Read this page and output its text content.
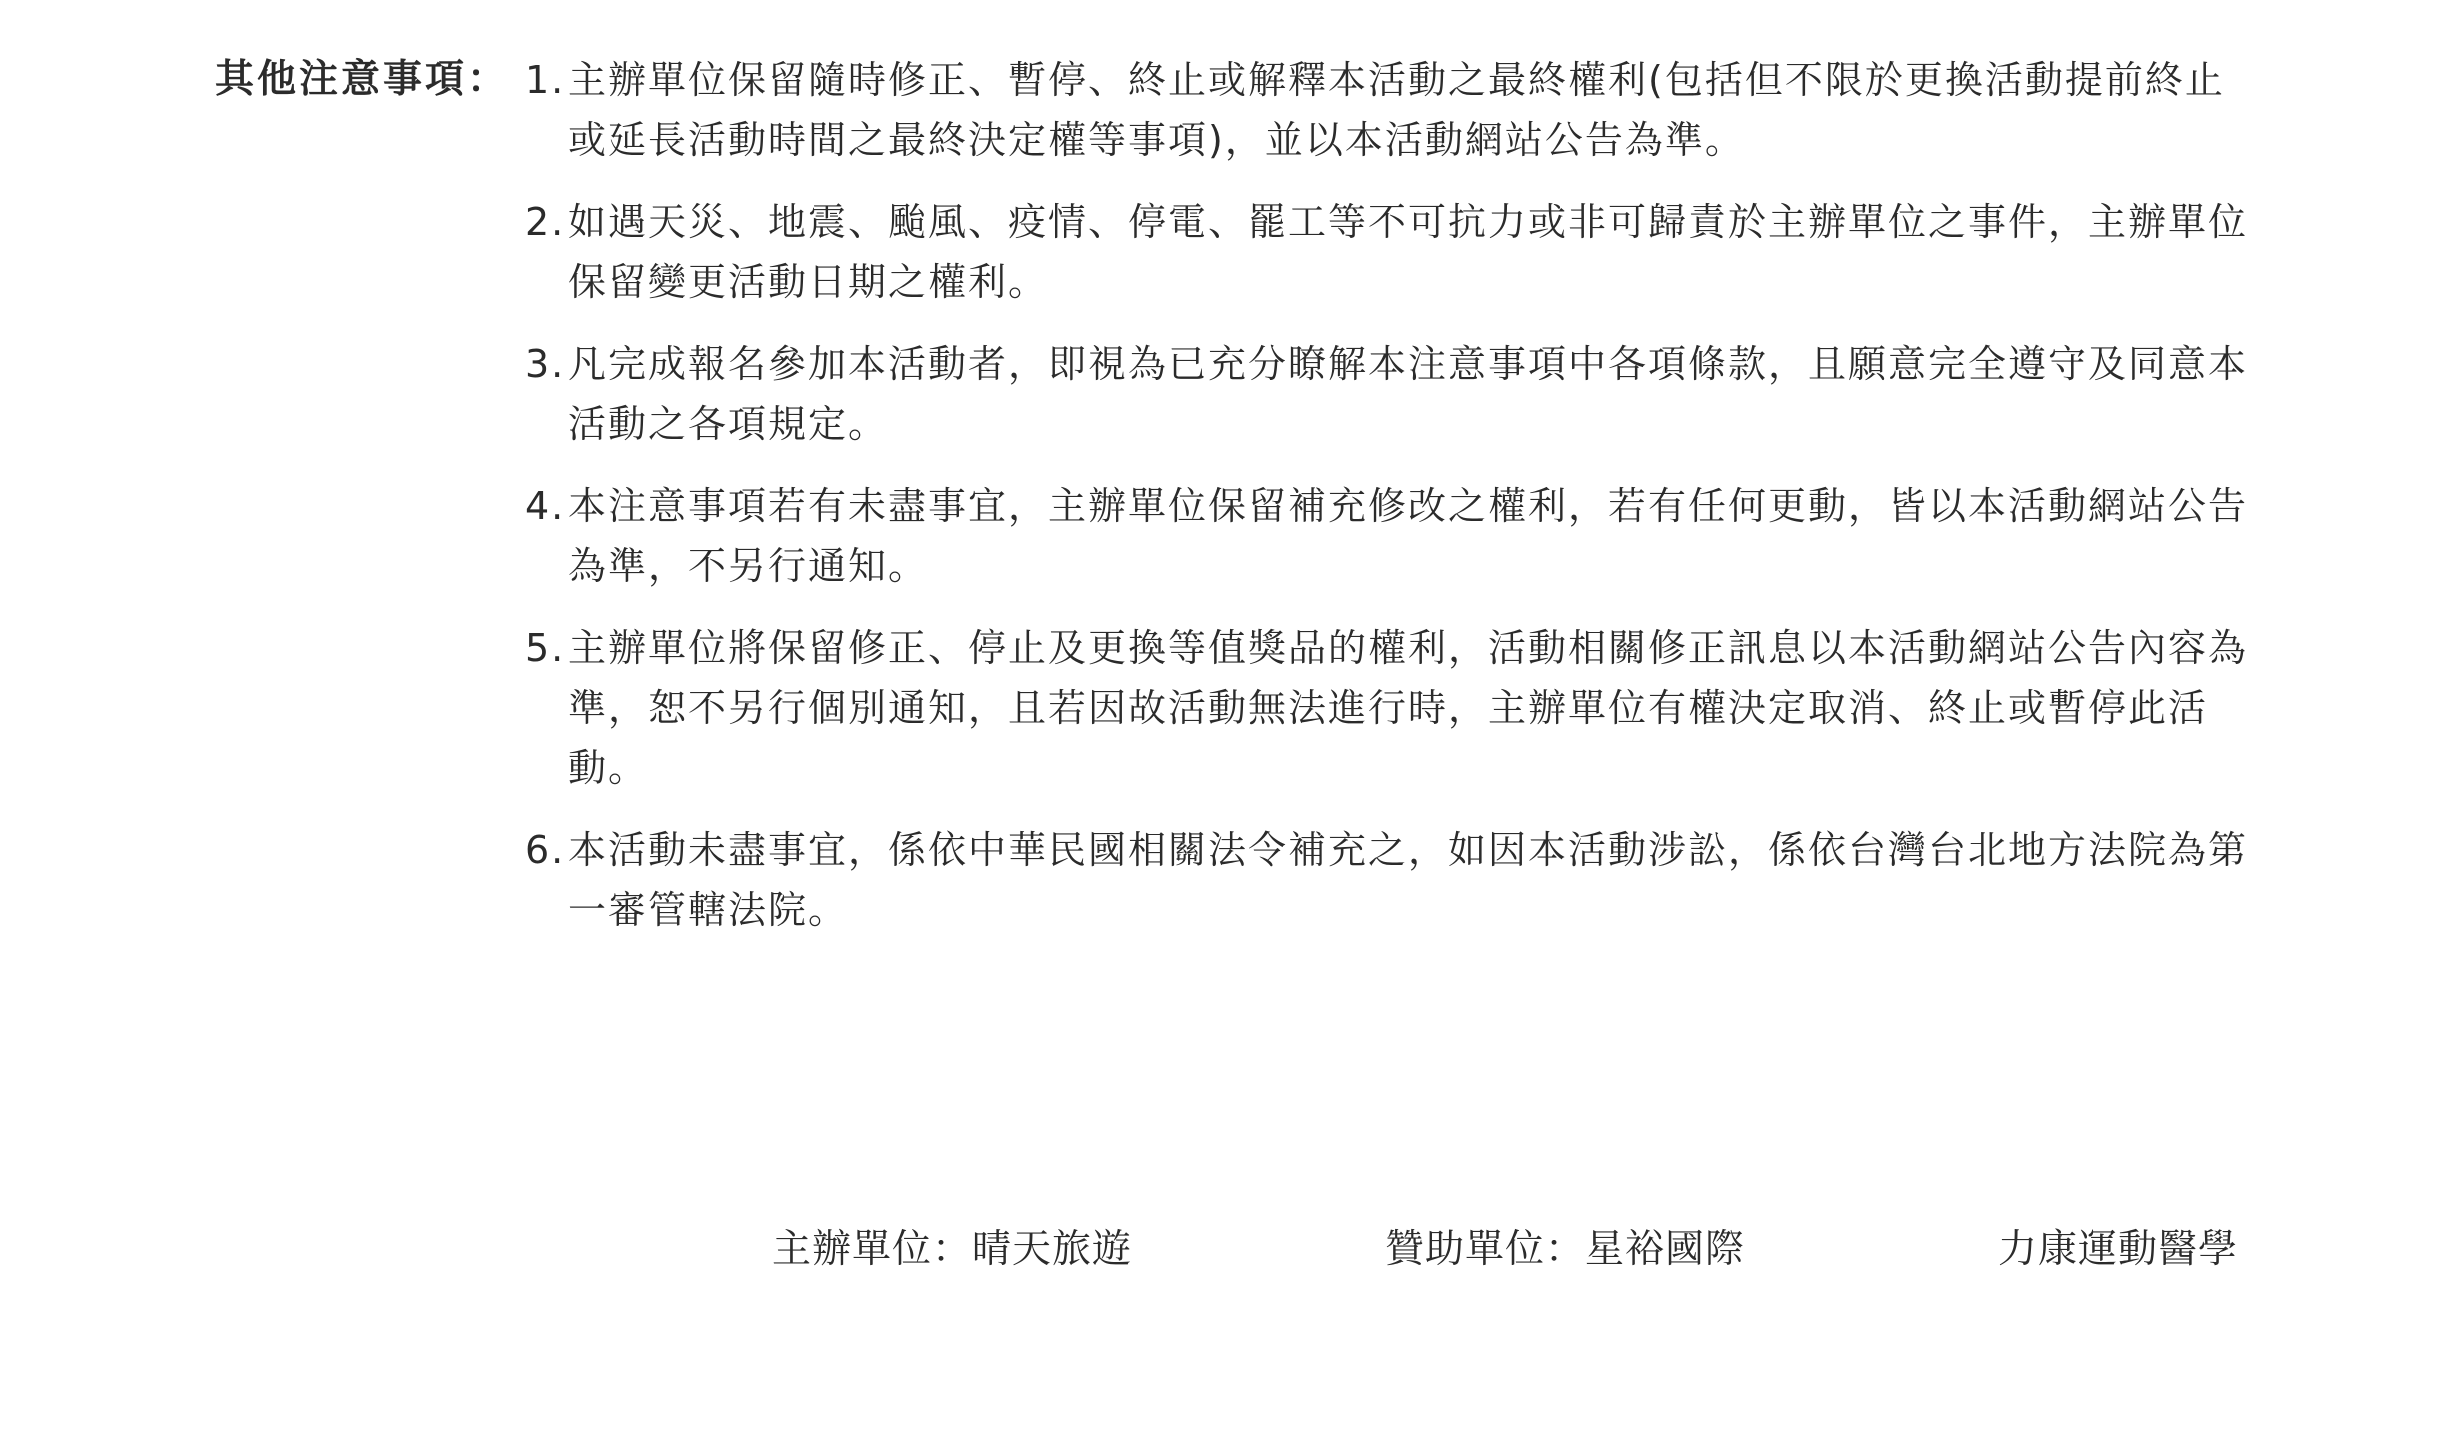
其他注意事項： 1. 主辦單位保留隨時修正、暫停、終止或解釋本活動之最終權利(包括但不限於更換活動提前終止或延長活動時間之最終決定權等事項)，並以本活動網站公告為準。
2. 如遇天災、地震、颱風、疫情、停電、罷工等不可抗力或非可歸責於主辦單位之事件，主辦單位保留變更活動日期之權利。
3. 凡完成報名參加本活動者，即視為已充分瞭解本注意事項中各項條款，且願意完全遵守及同意本活動之各項規定。
4. 本注意事項若有未盡事宜，主辦單位保留補充修改之權利，若有任何更動，皆以本活動網站公告為準，不另行通知。
5. 主辦單位將保留修正、停止及更換等值獎品的權利，活動相關修正訊息以本活動網站公告內容為準，恕不另行個別通知，且若因故活動無法進行時，主辦單位有權決定取消、終止或暫停此活動。
6. 本活動未盡事宜，係依中華民國相關法令補充之，如因本活動涉訟，係依台灣台北地方法院為第一審管轄法院。
主辦單位：晴天旅遊	贊助單位：星裕國際	力康運動醫學
